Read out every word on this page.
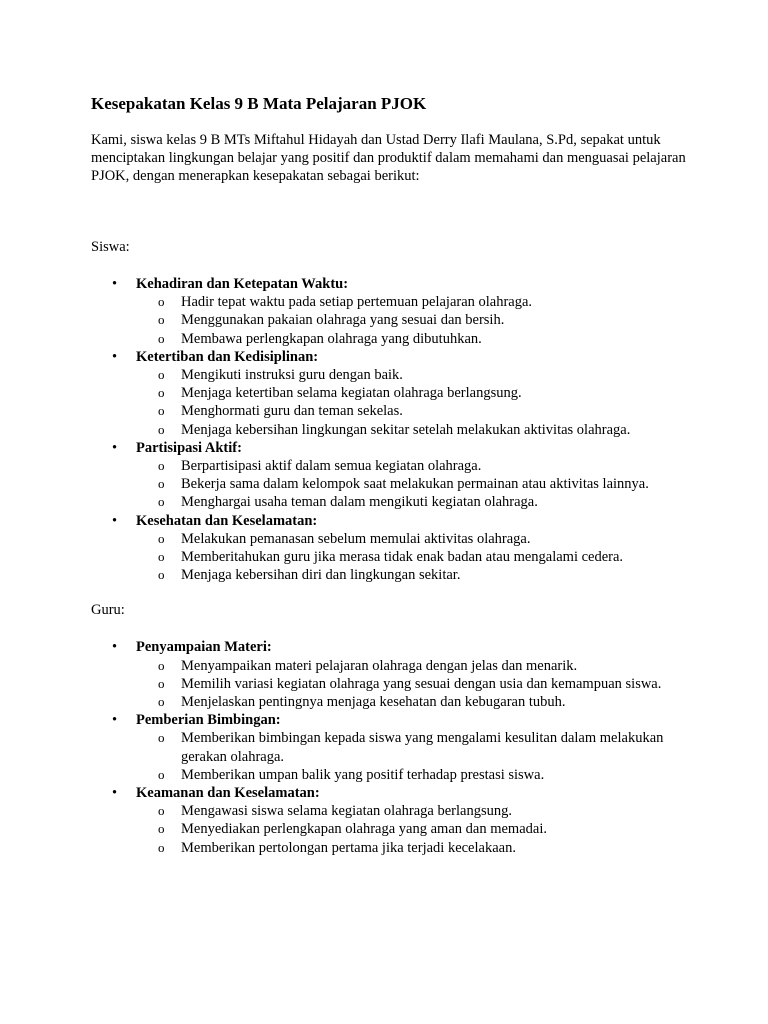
Kesepakatan Kelas 9 B Mata Pelajaran PJOK

Kami, siswa kelas 9 B MTs Miftahul Hidayah dan Ustad Derry Ilafi Maulana, S.Pd, sepakat untuk menciptakan lingkungan belajar yang positif dan produktif dalam memahami dan menguasai pelajaran PJOK, dengan menerapkan kesepakatan sebagai berikut:

Siswa:

• Kehadiran dan Ketepatan Waktu:
o Hadir tepat waktu pada setiap pertemuan pelajaran olahraga.
o Menggunakan pakaian olahraga yang sesuai dan bersih.
o Membawa perlengkapan olahraga yang dibutuhkan.
• Ketertiban dan Kedisiplinan:
o Mengikuti instruksi guru dengan baik.
o Menjaga ketertiban selama kegiatan olahraga berlangsung.
o Menghormati guru dan teman sekelas.
o Menjaga kebersihan lingkungan sekitar setelah melakukan aktivitas olahraga.
• Partisipasi Aktif:
o Berpartisipasi aktif dalam semua kegiatan olahraga.
o Bekerja sama dalam kelompok saat melakukan permainan atau aktivitas lainnya.
o Menghargai usaha teman dalam mengikuti kegiatan olahraga.
• Kesehatan dan Keselamatan:
o Melakukan pemanasan sebelum memulai aktivitas olahraga.
o Memberitahukan guru jika merasa tidak enak badan atau mengalami cedera.
o Menjaga kebersihan diri dan lingkungan sekitar.

Guru:

• Penyampaian Materi:
o Menyampaikan materi pelajaran olahraga dengan jelas dan menarik.
o Memilih variasi kegiatan olahraga yang sesuai dengan usia dan kemampuan siswa.
o Menjelaskan pentingnya menjaga kesehatan dan kebugaran tubuh.
• Pemberian Bimbingan:
o Memberikan bimbingan kepada siswa yang mengalami kesulitan dalam melakukan gerakan olahraga.
o Memberikan umpan balik yang positif terhadap prestasi siswa.
• Keamanan dan Keselamatan:
o Mengawasi siswa selama kegiatan olahraga berlangsung.
o Menyediakan perlengkapan olahraga yang aman dan memadai.
o Memberikan pertolongan pertama jika terjadi kecelakaan.
